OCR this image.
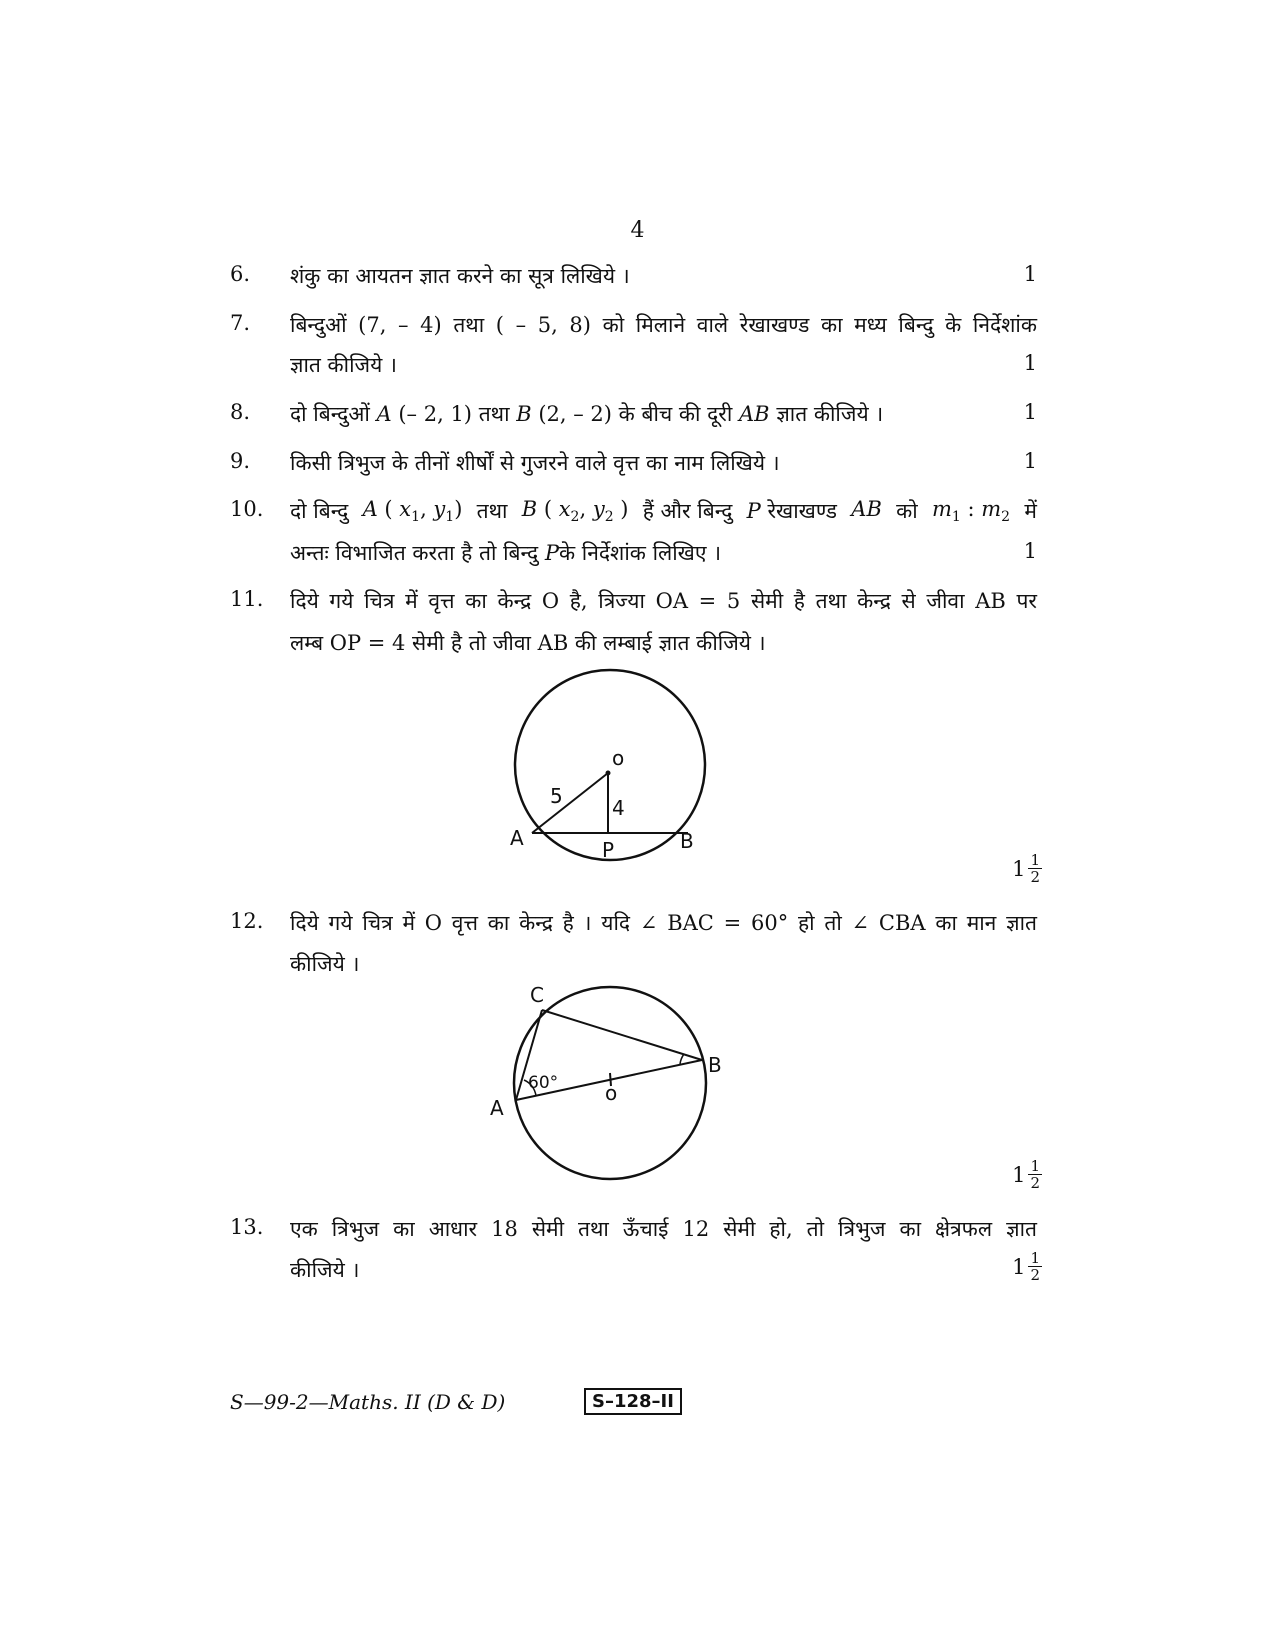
4
6. शंकु का आयतन ज्ञात करने का सूत्र लिखिये ।	1
7. बिन्दुओं (7, – 4) तथा ( – 5, 8) को मिलाने वाले रेखाखण्ड का मध्य बिन्दु के निर्देशांक
ज्ञात कीजिये ।	1
8. दो बिन्दुओं A (– 2, 1) तथा B (2, – 2) के बीच की दूरी AB ज्ञात कीजिये ।	1
9. किसी त्रिभुज के तीनों शीर्षों से गुजरने वाले वृत्त का नाम लिखिये ।	1
10. दो बिन्दु A ( $x_1$, $y_1$) तथा B ( $x_2$, $y_2$ ) हैं और बिन्दु P रेखाखण्ड AB को $m_1$ : $m_2$ में
अन्तः विभाजित करता है तो बिन्दु Pके निर्देशांक लिखिए ।	1
11. दिये गये चित्र में वृत्त का केन्द्र O है, त्रिज्या OA = 5 सेमी है तथा केन्द्र से जीवा AB पर
लम्ब OP = 4 सेमी है तो जीवा AB की लम्बाई ज्ञात कीजिये ।
o
A	B
P
5 4
$1 \frac{1}{2}$
12. दिये गये चित्र में O वृत्त का केन्द्र है । यदि ∠ BAC = 60° हो तो ∠ CBA का मान ज्ञात
कीजिये ।
C
A
B
o
60°
$1 \frac{1}{2}$
13. एक त्रिभुज का आधार 18 सेमी तथा ऊँचाई 12 सेमी हो, तो त्रिभुज का क्षेत्रफल ज्ञात
कीजिये ।	$1 \frac{1}{2}$
S—99-2—Maths. II (D & D)	S–128–II
